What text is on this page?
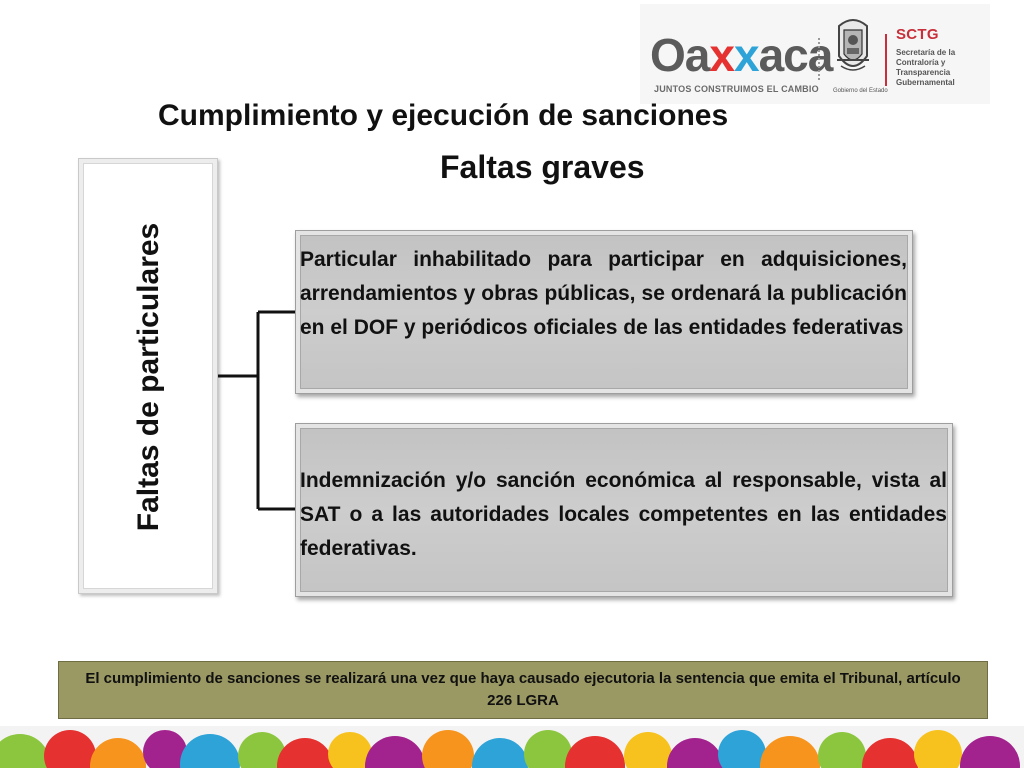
Oaxxaca
JUNTOS CONSTRUIMOS EL CAMBIO Gobierno del Estado
SCTG
Secretaría de la Contraloría y Transparencia Gubernamental
Cumplimiento y ejecución de sanciones
Faltas graves
Faltas de particulares	Particular inhabilitado para participar en adquisiciones, arrendamientos y obras públicas, se ordenará la publicación en el DOF y periódicos oficiales de las entidades federativas
Indemnización y/o sanción económica al responsable, vista al SAT o a las autoridades locales competentes en las entidades federativas.
El cumplimiento de sanciones se realizará una vez que haya causado ejecutoria la sentencia que emita el Tribunal, artículo 226 LGRA
